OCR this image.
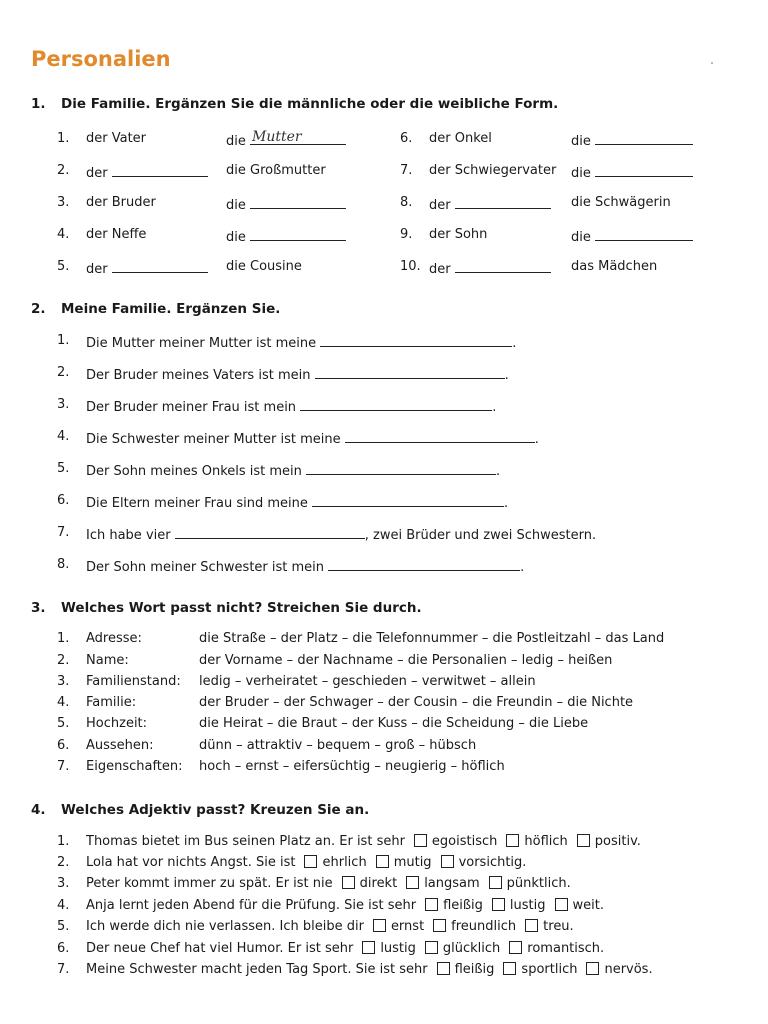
Personalien
1. Die Familie. Ergänzen Sie die männliche oder die weibliche Form.
1. der Vater	die Mutter
2. der	die Großmutter
3. der Bruder	die
4. der Neffe	die
5. der	die Cousine
6. der Onkel	die
7. der Schwiegervater die
8. der	die Schwägerin
9. der Sohn	die
10. der	das Mädchen
2. Meine Familie. Ergänzen Sie.
1. Die Mutter meiner Mutter ist meine	.
2. Der Bruder meines Vaters ist mein	.
3. Der Bruder meiner Frau ist mein	.
4. Die Schwester meiner Mutter ist meine	.
5. Der Sohn meines Onkels ist mein	.
6. Die Eltern meiner Frau sind meine	.
7. Ich habe vier	, zwei Brüder und zwei Schwestern.
8. Der Sohn meiner Schwester ist mein	.
3. Welches Wort passt nicht? Streichen Sie durch.
1. Adresse:	die Straße – der Platz – die Telefonnummer – die Postleitzahl – das Land
2. Name:	der Vorname – der Nachname – die Personalien – ledig – heißen
3. Familienstand: ledig – verheiratet – geschieden – verwitwet – allein
4. Familie:	der Bruder – der Schwager – der Cousin – die Freundin – die Nichte
5. Hochzeit:	die Heirat – die Braut – der Kuss – die Scheidung – die Liebe
6. Aussehen:	dünn – attraktiv – bequem – groß – hübsch
7. Eigenschaften: hoch – ernst – eifersüchtig – neugierig – höflich
4. Welches Adjektiv passt? Kreuzen Sie an.
1. Thomas bietet im Bus seinen Platz an. Er ist sehr egoistisch höflich positiv.
2. Lola hat vor nichts Angst. Sie ist ehrlich mutig vorsichtig.
3. Peter kommt immer zu spät. Er ist nie direkt langsam pünktlich.
4. Anja lernt jeden Abend für die Prüfung. Sie ist sehr fleißig lustig weit.
5. Ich werde dich nie verlassen. Ich bleibe dir ernst freundlich treu.
6. Der neue Chef hat viel Humor. Er ist sehr lustig glücklich romantisch.
7. Meine Schwester macht jeden Tag Sport. Sie ist sehr fleißig sportlich nervös.
